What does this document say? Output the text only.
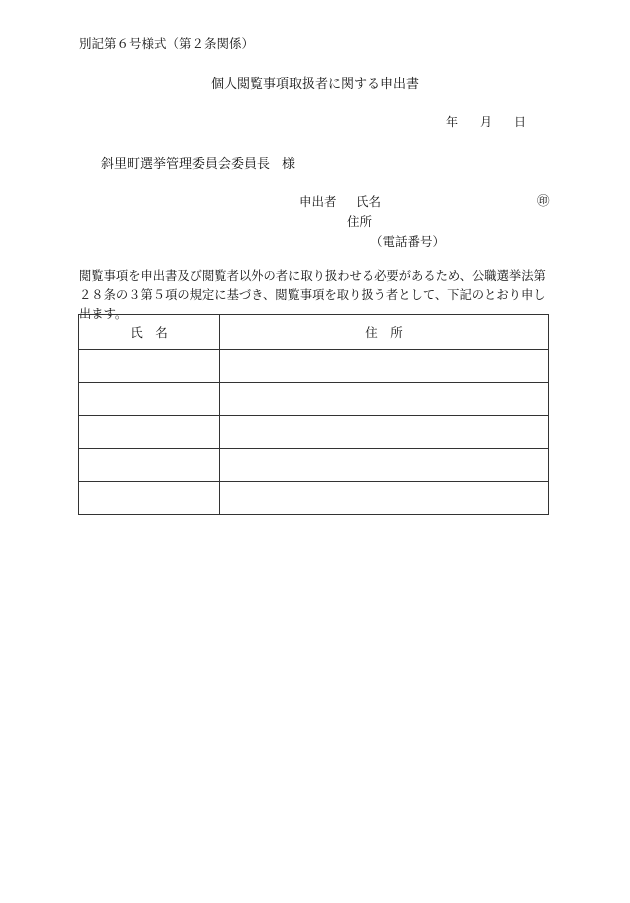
別記第６号様式（第２条関係）
個人閲覧事項取扱者に関する申出書
年 月 日
斜里町選挙管理委員会委員長 様
申出者 氏名	㊞
住所
（電話番号）
閲覧事項を申出書及び閲覧者以外の者に取り扱わせる必要があるため、公職選挙法第２８条の３第５項の規定に基づき、閲覧事項を取り扱う者として、下記のとおり申し出ます。
氏　名	住　所
